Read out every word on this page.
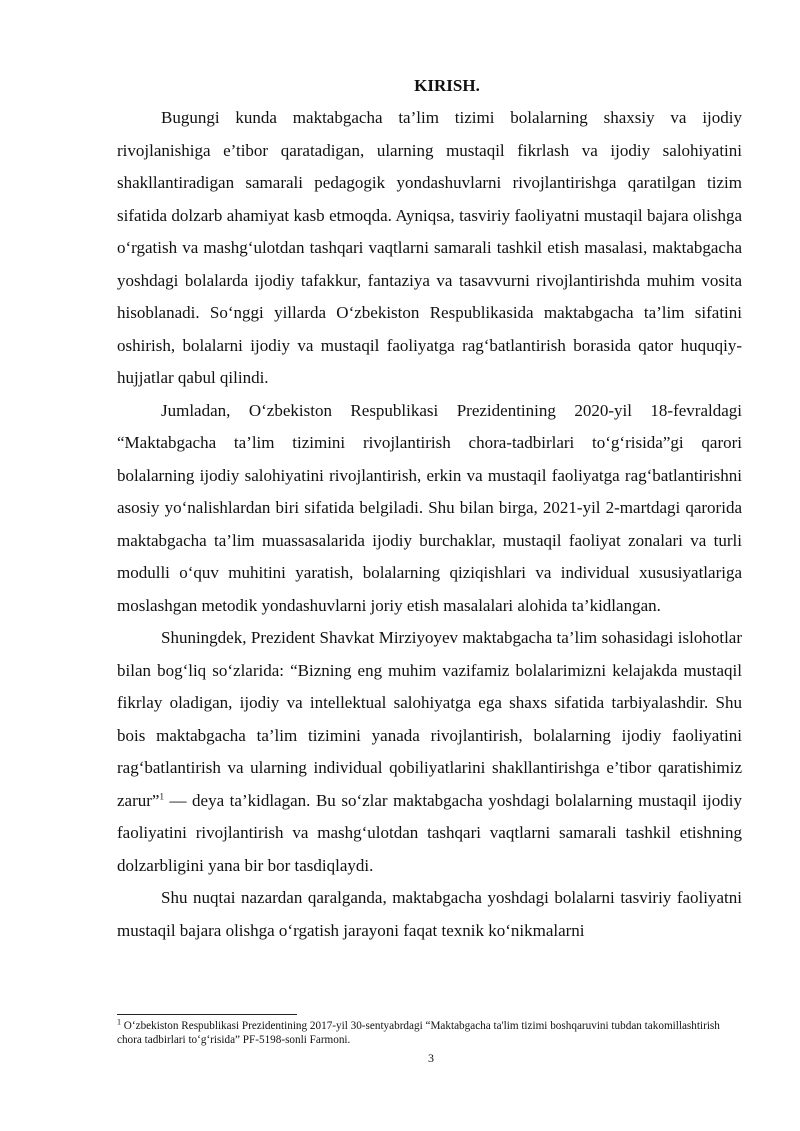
KIRISH.

Bugungi kunda maktabgacha ta’lim tizimi bolalarning shaxsiy va ijodiy rivojlanishiga e’tibor qaratadigan, ularning mustaqil fikrlash va ijodiy salohiyatini shakllantiradigan samarali pedagogik yondashuvlarni rivojlantirishga qaratilgan tizim sifatida dolzarb ahamiyat kasb etmoqda. Ayniqsa, tasviriy faoliyatni mustaqil bajara olishga o‘rgatish va mashg‘ulotdan tashqari vaqtlarni samarali tashkil etish masalasi, maktabgacha yoshdagi bolalarda ijodiy tafakkur, fantaziya va tasavvurni rivojlantirishda muhim vosita hisoblanadi. So‘nggi yillarda O‘zbekiston Respublikasida maktabgacha ta’lim sifatini oshirish, bolalarni ijodiy va mustaqil faoliyatga rag‘batlantirish borasida qator huquqiy-hujjatlar qabul qilindi.

Jumladan, O‘zbekiston Respublikasi Prezidentining 2020-yil 18-fevraldagi “Maktabgacha ta’lim tizimini rivojlantirish chora-tadbirlari to‘g‘risida”gi qarori bolalarning ijodiy salohiyatini rivojlantirish, erkin va mustaqil faoliyatga rag‘batlantirishni asosiy yo‘nalishlardan biri sifatida belgiladi. Shu bilan birga, 2021-yil 2-martdagi qarorida maktabgacha ta’lim muassasalarida ijodiy burchaklar, mustaqil faoliyat zonalari va turli modulli o‘quv muhitini yaratish, bolalarning qiziqishlari va individual xususiyatlariga moslashgan metodik yondashuvlarni joriy etish masalalari alohida ta’kidlangan.

Shuningdek, Prezident Shavkat Mirziyoyev maktabgacha ta’lim sohasidagi islohotlar bilan bog‘liq so‘zlarida: “Bizning eng muhim vazifamiz bolalarimizni kelajakda mustaqil fikrlay oladigan, ijodiy va intellektual salohiyatga ega shaxs sifatida tarbiyalashdir. Shu bois maktabgacha ta’lim tizimini yanada rivojlantirish, bolalarning ijodiy faoliyatini rag‘batlantirish va ularning individual qobiliyatlarini shakllantirishga e’tibor qaratishimiz zarur”$^1$ — deya ta’kidlagan. Bu so‘zlar maktabgacha yoshdagi bolalarning mustaqil ijodiy faoliyatini rivojlantirish va mashg‘ulotdan tashqari vaqtlarni samarali tashkil etishning dolzarbligini yana bir bor tasdiqlaydi.

Shu nuqtai nazardan qaralganda, maktabgacha yoshdagi bolalarni tasviriy faoliyatni mustaqil bajara olishga o‘rgatish jarayoni faqat texnik ko‘nikmalarni

$^1$ O‘zbekiston Respublikasi Prezidentining 2017-yil 30-sentyabrdagi “Maktabgacha ta'lim tizimi boshqaruvini tubdan takomillashtirish chora tadbirlari to‘g‘risida” PF-5198-sonli Farmoni.

3
